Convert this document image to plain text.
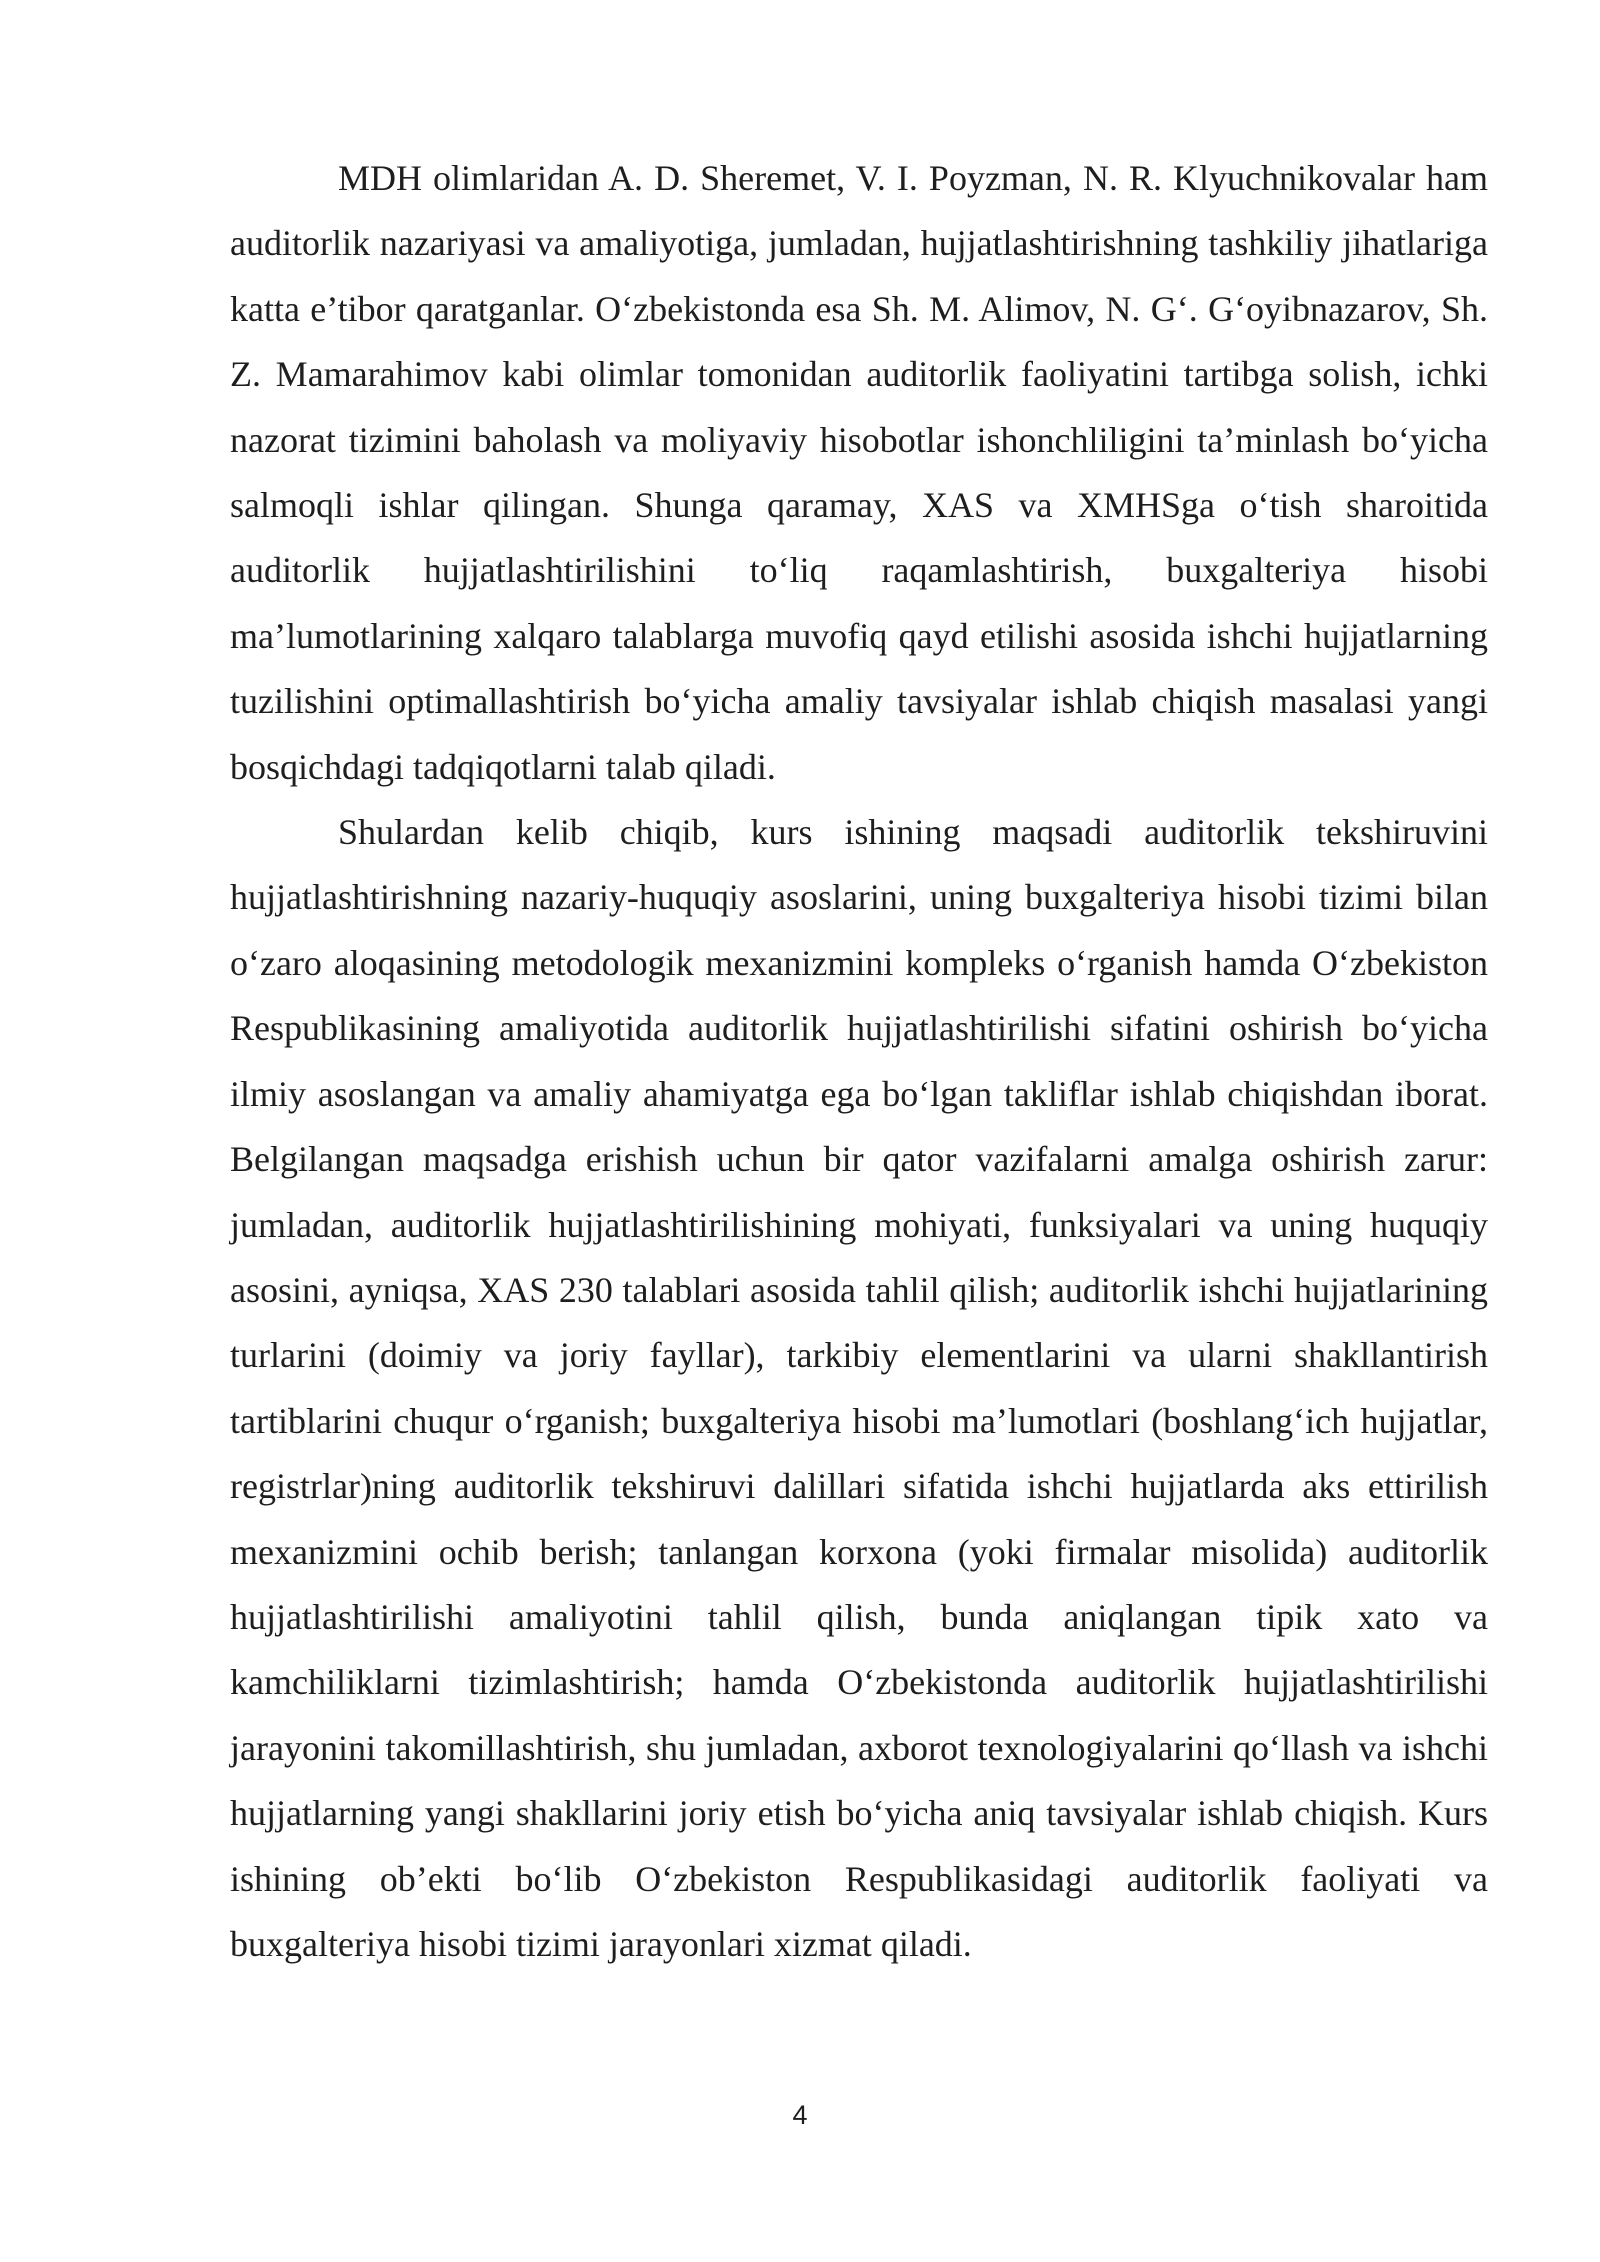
MDH olimlaridan A. D. Sheremet, V. I. Poyzman, N. R. Klyuchnikovalar ham auditorlik nazariyasi va amaliyotiga, jumladan, hujjatlashtirishning tashkiliy jihatlariga katta e’tibor qaratganlar. O‘zbekistonda esa Sh. M. Alimov, N. G‘. G‘oyibnazarov, Sh. Z. Mamarahimov kabi olimlar tomonidan auditorlik faoliyatini tartibga solish, ichki nazorat tizimini baholash va moliyaviy hisobotlar ishonchliligini ta’minlash bo‘yicha salmoqli ishlar qilingan. Shunga qaramay, XAS va XMHSga o‘tish sharoitida auditorlik hujjatlashtirilishini to‘liq raqamlashtirish, buxgalteriya hisobi ma’lumotlarining xalqaro talablarga muvofiq qayd etilishi asosida ishchi hujjatlarning tuzilishini optimallashtirish bo‘yicha amaliy tavsiyalar ishlab chiqish masalasi yangi bosqichdagi tadqiqotlarni talab qiladi.

Shulardan kelib chiqib, kurs ishining maqsadi auditorlik tekshiruvini hujjatlashtirishning nazariy-huquqiy asoslarini, uning buxgalteriya hisobi tizimi bilan o‘zaro aloqasining metodologik mexanizmini kompleks o‘rganish hamda O‘zbekiston Respublikasining amaliyotida auditorlik hujjatlashtirilishi sifatini oshirish bo‘yicha ilmiy asoslangan va amaliy ahamiyatga ega bo‘lgan takliflar ishlab chiqishdan iborat. Belgilangan maqsadga erishish uchun bir qator vazifalarni amalga oshirish zarur: jumladan, auditorlik hujjatlashtirilishining mohiyati, funksiyalari va uning huquqiy asosini, ayniqsa, XAS 230 talablari asosida tahlil qilish; auditorlik ishchi hujjatlarining turlarini (doimiy va joriy fayllar), tarkibiy elementlarini va ularni shakllantirish tartiblarini chuqur o‘rganish; buxgalteriya hisobi ma’lumotlari (boshlang‘ich hujjatlar, registrlar)ning auditorlik tekshiruvi dalillari sifatida ishchi hujjatlarda aks ettirilish mexanizmini ochib berish; tanlangan korxona (yoki firmalar misolida) auditorlik hujjatlashtirilishi amaliyotini tahlil qilish, bunda aniqlangan tipik xato va kamchiliklarni tizimlashtirish; hamda O‘zbekistonda auditorlik hujjatlashtirilishi jarayonini takomillashtirish, shu jumladan, axborot texnologiyalarini qo‘llash va ishchi hujjatlarning yangi shakllarini joriy etish bo‘yicha aniq tavsiyalar ishlab chiqish. Kurs ishining ob’ekti bo‘lib O‘zbekiston Respublikasidagi auditorlik faoliyati va buxgalteriya hisobi tizimi jarayonlari xizmat qiladi.

4
